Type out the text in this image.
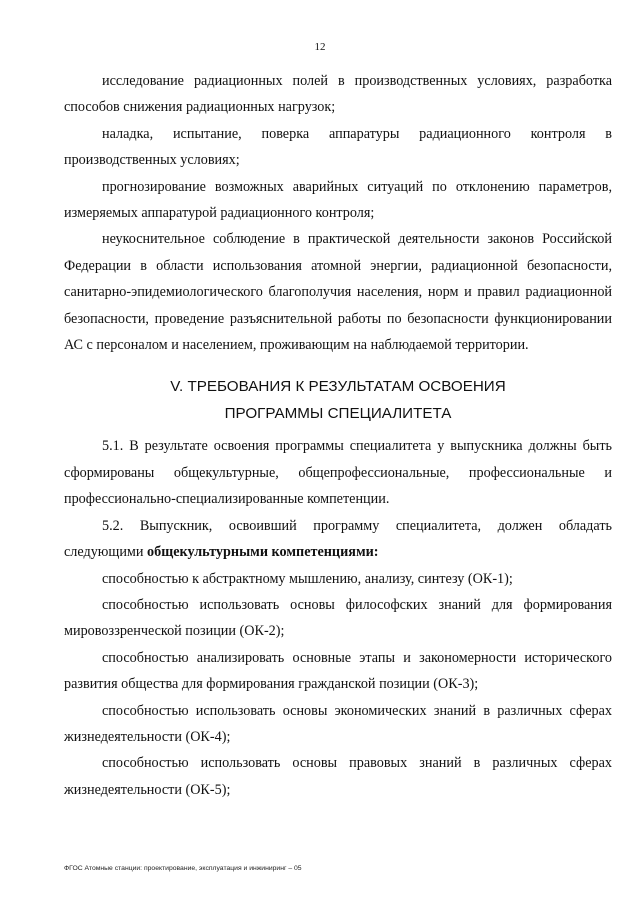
12

исследование радиационных полей в производственных условиях, разработка способов снижения радиационных нагрузок;

наладка, испытание, поверка аппаратуры радиационного контроля в производственных условиях;

прогнозирование возможных аварийных ситуаций по отклонению параметров, измеряемых аппаратурой радиационного контроля;

неукоснительное соблюдение в практической деятельности законов Российской Федерации в области использования атомной энергии, радиационной безопасности, санитарно-эпидемиологического благополучия населения, норм и правил радиационной безопасности, проведение разъяснительной работы по безопасности функционировании АС с персоналом и населением, проживающим на наблюдаемой территории.

V. ТРЕБОВАНИЯ К РЕЗУЛЬТАТАМ ОСВОЕНИЯ
ПРОГРАММЫ СПЕЦИАЛИТЕТА

5.1. В результате освоения программы специалитета у выпускника должны быть сформированы общекультурные, общепрофессиональные, профессиональные и профессионально-специализированные компетенции.

5.2. Выпускник, освоивший программу специалитета, должен обладать следующими общекультурными компетенциями:

способностью к абстрактному мышлению, анализу, синтезу (ОК-1);

способностью использовать основы философских знаний для формирования мировоззренческой позиции (ОК-2);

способностью анализировать основные этапы и закономерности исторического развития общества для формирования гражданской позиции (ОК-3);

способностью использовать основы экономических знаний в различных сферах жизнедеятельности (ОК-4);

способностью использовать основы правовых знаний в различных сферах жизнедеятельности (ОК-5);

ФГОС Атомные станции: проектирование, эксплуатация и инжиниринг – 05
